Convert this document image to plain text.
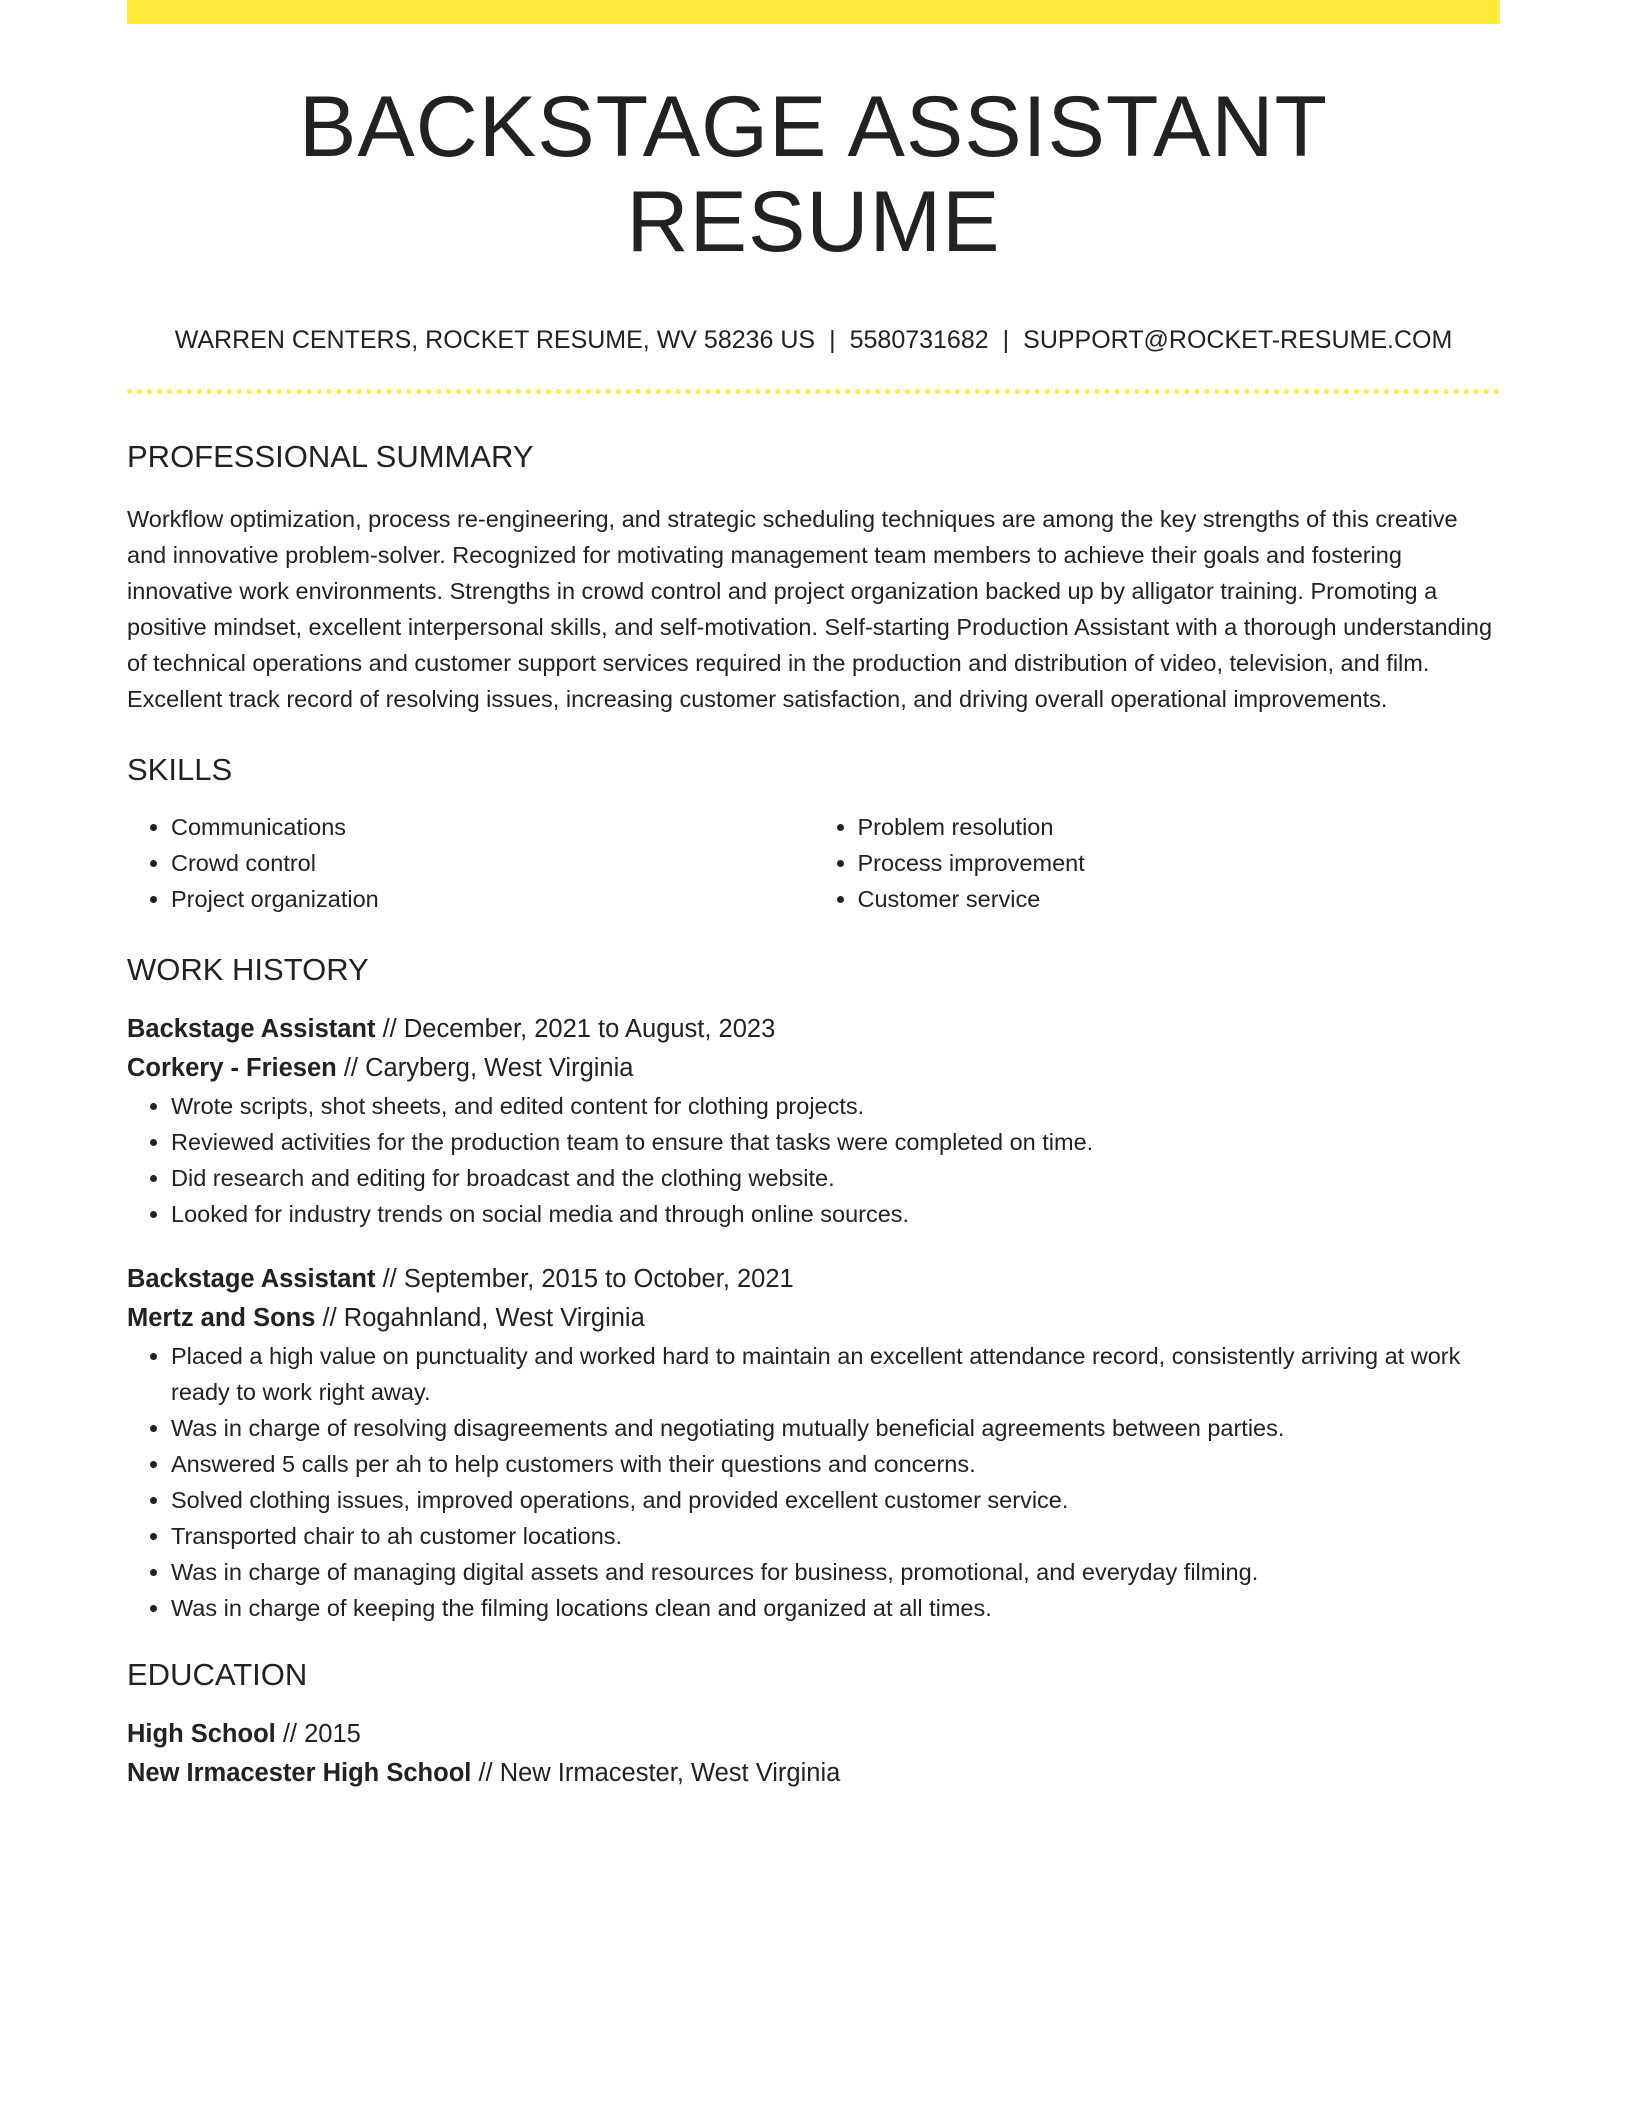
BACKSTAGE ASSISTANT RESUME
WARREN CENTERS, ROCKET RESUME, WV 58236 US | 5580731682 | SUPPORT@ROCKET-RESUME.COM
PROFESSIONAL SUMMARY

Workflow optimization, process re-engineering, and strategic scheduling techniques are among the key strengths of this creative and innovative problem-solver. Recognized for motivating management team members to achieve their goals and fostering innovative work environments. Strengths in crowd control and project organization backed up by alligator training. Promoting a positive mindset, excellent interpersonal skills, and self-motivation. Self-starting Production Assistant with a thorough understanding of technical operations and customer support services required in the production and distribution of video, television, and film. Excellent track record of resolving issues, increasing customer satisfaction, and driving overall operational improvements.

SKILLS
• Communications
• Crowd control
• Project organization
• Problem resolution
• Process improvement
• Customer service
WORK HISTORY
Backstage Assistant // December, 2021 to August, 2023
Corkery - Friesen // Caryberg, West Virginia
• Wrote scripts, shot sheets, and edited content for clothing projects.
• Reviewed activities for the production team to ensure that tasks were completed on time.
• Did research and editing for broadcast and the clothing website.
• Looked for industry trends on social media and through online sources.
Backstage Assistant // September, 2015 to October, 2021
Mertz and Sons // Rogahnland, West Virginia
• Placed a high value on punctuality and worked hard to maintain an excellent attendance record, consistently arriving at work ready to work right away.
• Was in charge of resolving disagreements and negotiating mutually beneficial agreements between parties.
• Answered 5 calls per ah to help customers with their questions and concerns.
• Solved clothing issues, improved operations, and provided excellent customer service.
• Transported chair to ah customer locations.
• Was in charge of managing digital assets and resources for business, promotional, and everyday filming.
• Was in charge of keeping the filming locations clean and organized at all times.
EDUCATION
High School // 2015
New Irmacester High School // New Irmacester, West Virginia
